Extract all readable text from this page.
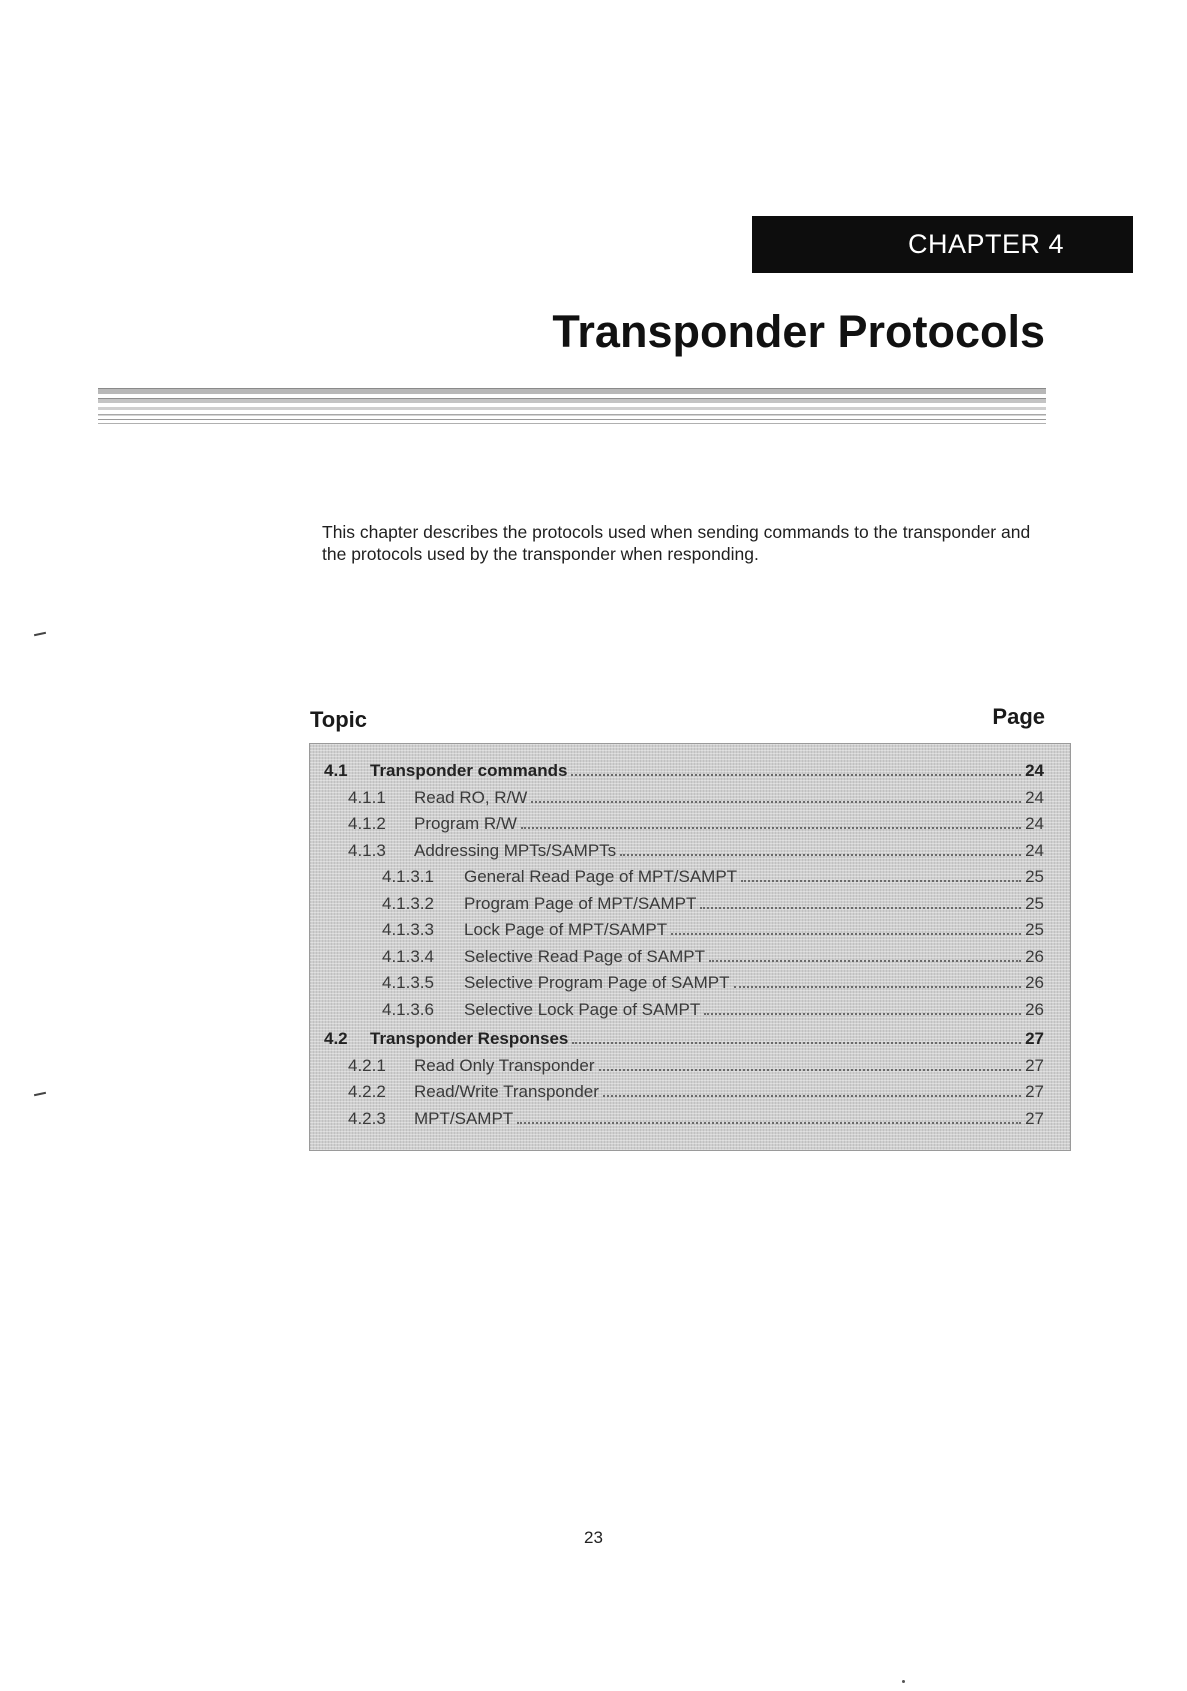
CHAPTER 4
Transponder Protocols
This chapter describes the protocols used when sending commands to the transponder and the protocols used by the transponder when responding.
Topic	Page
4.1	Transponder commands	24
4.1.1	Read RO, R/W	24
4.1.2	Program R/W	24
4.1.3	Addressing MPTs/SAMPTs	24
4.1.3.1	General Read Page of MPT/SAMPT	25
4.1.3.2	Program Page of MPT/SAMPT	25
4.1.3.3	Lock Page of MPT/SAMPT	25
4.1.3.4	Selective Read Page of SAMPT	26
4.1.3.5	Selective Program Page of SAMPT	26
4.1.3.6	Selective Lock Page of SAMPT	26
4.2	Transponder Responses	27
4.2.1	Read Only Transponder	27
4.2.2	Read/Write Transponder	27
4.2.3	MPT/SAMPT	27
23
